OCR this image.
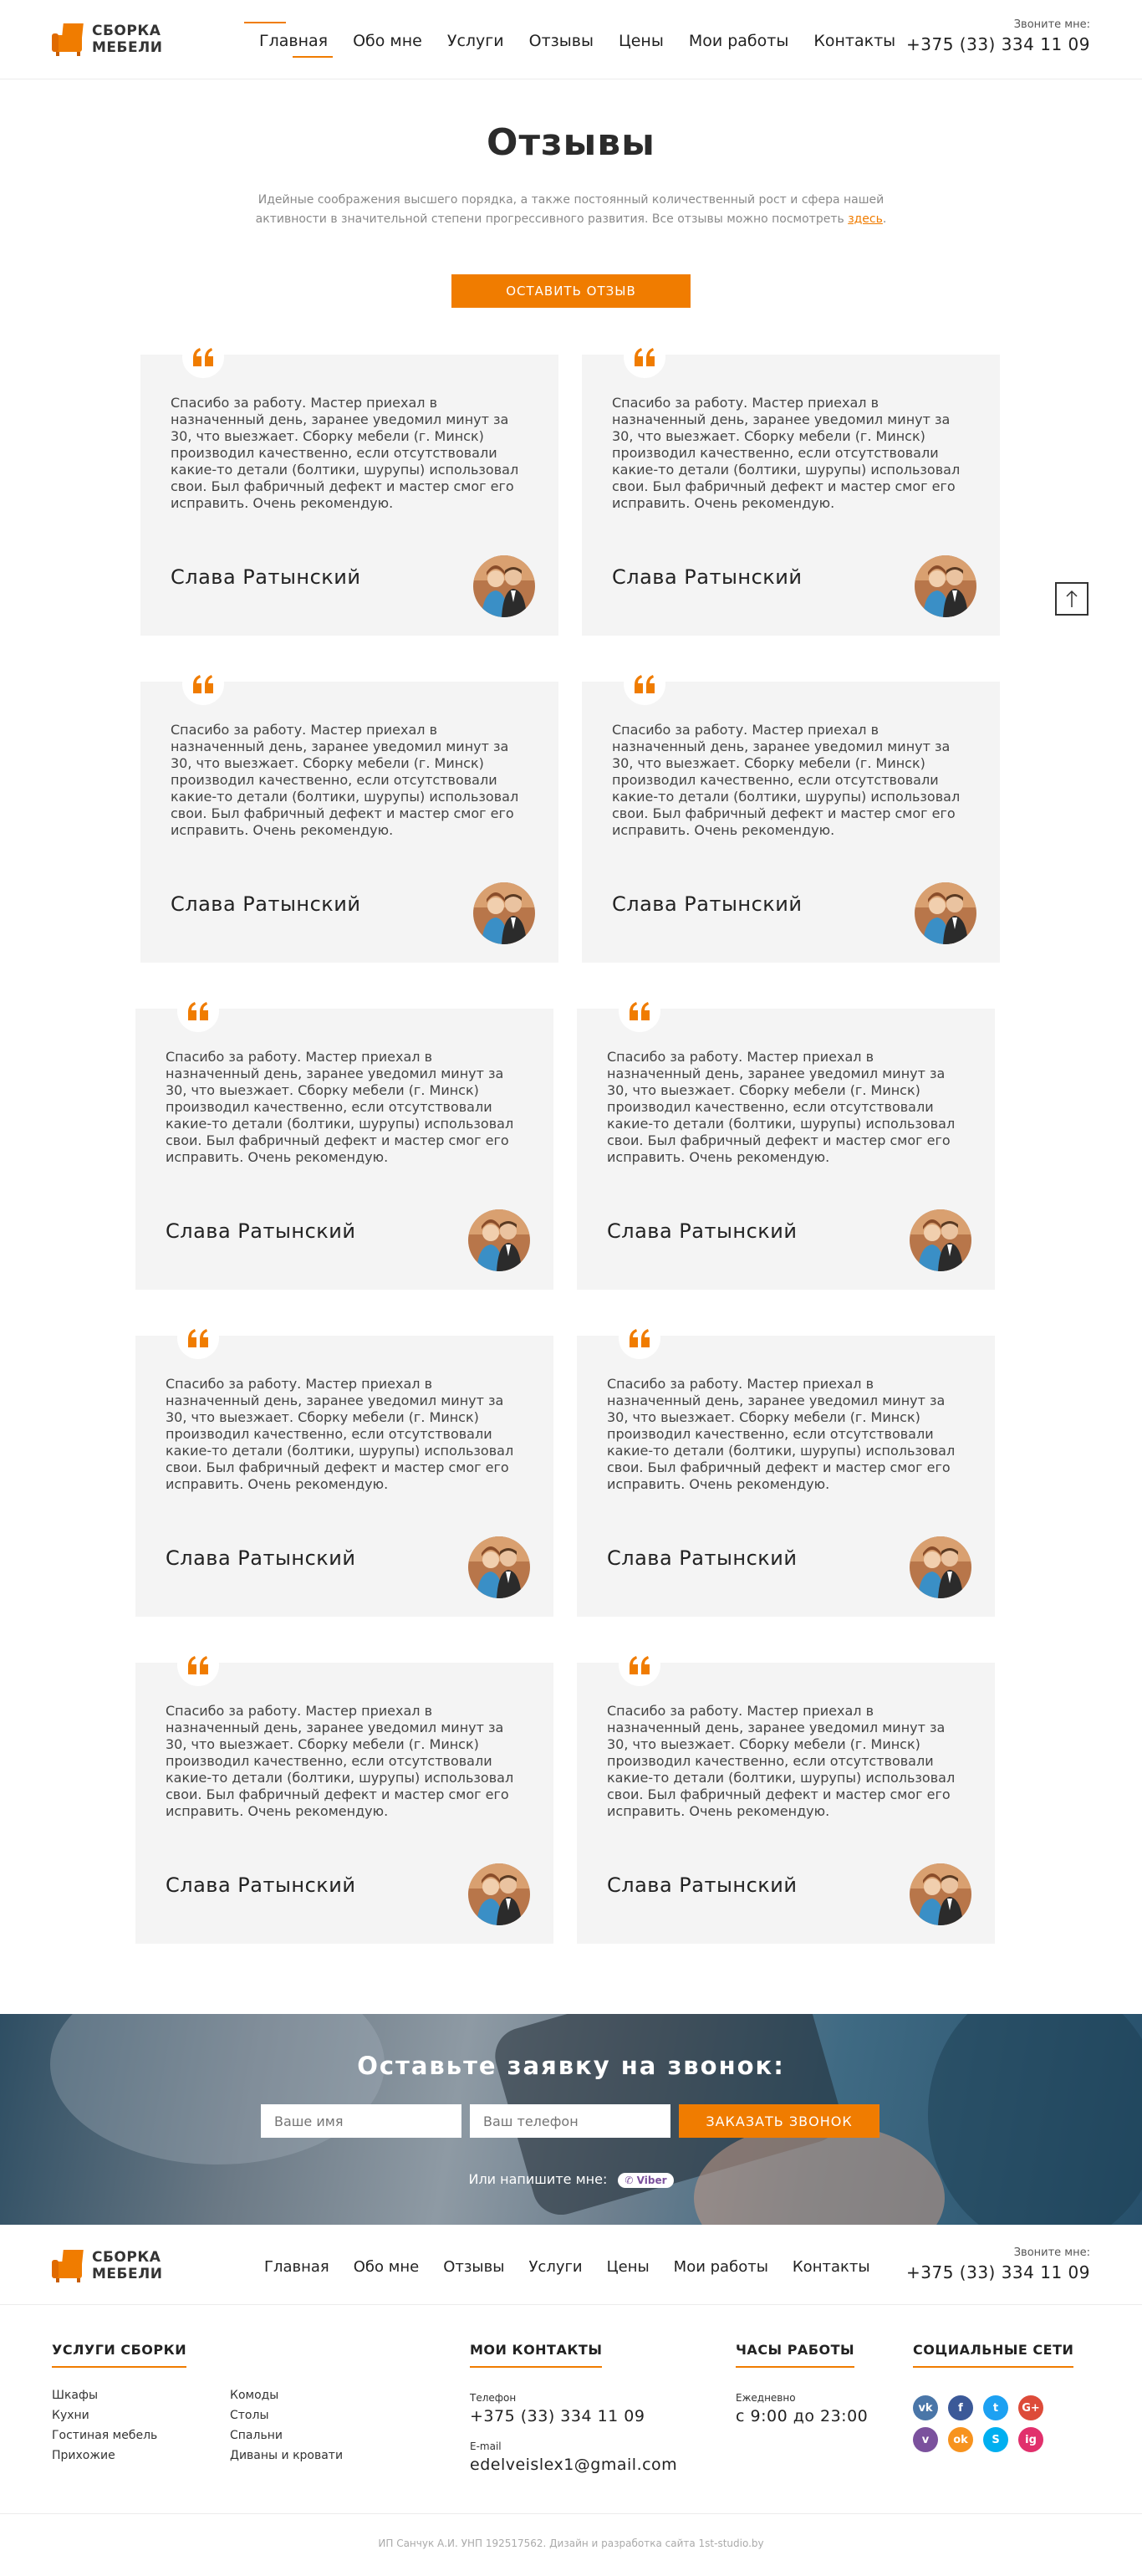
СБОРКА
МЕБЕЛИ	Главная Обо мне Услуги Отзывы Цены Мои работы Контакты
Звоните мне:
+375 (33) 334 11 09
Отзывы

Идейные соображения высшего порядка, а также постоянный количественный рост и сфера нашей активности в значительной степени прогрессивного развития. Все отзывы можно посмотреть здесь.

ОСТАВИТЬ ОТЗЫВ
Спасибо за работу. Мастер приехал в назначенный день, заранее уведомил минут за 30, что выезжает. Сборку мебели (г. Минск) производил качественно, если отсутствовали какие-то детали (болтики, шурупы) использовал свои. Был фабричный дефект и мастер смог его исправить. Очень рекомендую.
Слава Ратынский
Спасибо за работу. Мастер приехал в назначенный день, заранее уведомил минут за 30, что выезжает. Сборку мебели (г. Минск) производил качественно, если отсутствовали какие-то детали (болтики, шурупы) использовал свои. Был фабричный дефект и мастер смог его исправить. Очень рекомендую.
Слава Ратынский
Спасибо за работу. Мастер приехал в назначенный день, заранее уведомил минут за 30, что выезжает. Сборку мебели (г. Минск) производил качественно, если отсутствовали какие-то детали (болтики, шурупы) использовал свои. Был фабричный дефект и мастер смог его исправить. Очень рекомендую.
Слава Ратынский
Спасибо за работу. Мастер приехал в назначенный день, заранее уведомил минут за 30, что выезжает. Сборку мебели (г. Минск) производил качественно, если отсутствовали какие-то детали (болтики, шурупы) использовал свои. Был фабричный дефект и мастер смог его исправить. Очень рекомендую.
Слава Ратынский
Спасибо за работу. Мастер приехал в назначенный день, заранее уведомил минут за 30, что выезжает. Сборку мебели (г. Минск) производил качественно, если отсутствовали какие-то детали (болтики, шурупы) использовал свои. Был фабричный дефект и мастер смог его исправить. Очень рекомендую.
Слава Ратынский
Спасибо за работу. Мастер приехал в назначенный день, заранее уведомил минут за 30, что выезжает. Сборку мебели (г. Минск) производил качественно, если отсутствовали какие-то детали (болтики, шурупы) использовал свои. Был фабричный дефект и мастер смог его исправить. Очень рекомендую.
Слава Ратынский
Спасибо за работу. Мастер приехал в назначенный день, заранее уведомил минут за 30, что выезжает. Сборку мебели (г. Минск) производил качественно, если отсутствовали какие-то детали (болтики, шурупы) использовал свои. Был фабричный дефект и мастер смог его исправить. Очень рекомендую.
Слава Ратынский
Спасибо за работу. Мастер приехал в назначенный день, заранее уведомил минут за 30, что выезжает. Сборку мебели (г. Минск) производил качественно, если отсутствовали какие-то детали (болтики, шурупы) использовал свои. Был фабричный дефект и мастер смог его исправить. Очень рекомендую.
Слава Ратынский
Спасибо за работу. Мастер приехал в назначенный день, заранее уведомил минут за 30, что выезжает. Сборку мебели (г. Минск) производил качественно, если отсутствовали какие-то детали (болтики, шурупы) использовал свои. Был фабричный дефект и мастер смог его исправить. Очень рекомендую.
Слава Ратынский
Спасибо за работу. Мастер приехал в назначенный день, заранее уведомил минут за 30, что выезжает. Сборку мебели (г. Минск) производил качественно, если отсутствовали какие-то детали (болтики, шурупы) использовал свои. Был фабричный дефект и мастер смог его исправить. Очень рекомендую.
Слава Ратынский
Оставьте заявку на звонок:
Ваше имя
Ваш телефон
ЗАКАЗАТЬ ЗВОНОК
Или напишите мне: ✆ Viber
СБОРКА
МЕБЕЛИ	Главная Обо мне Отзывы Услуги Цены Мои работы Контакты
Звоните мне:
+375 (33) 334 11 09
УСЛУГИ СБОРКИ
Шкафы
Кухни
Гостиная мебель
Прихожие
Комоды
Столы
Спальни
Диваны и кровати
МОИ КОНТАКТЫ
Телефон
+375 (33) 334 11 09
E-mail
edelveislex1@gmail.com
ЧАСЫ РАБОТЫ
Ежедневно
с 9:00 до 23:00
СОЦИАЛЬНЫЕ СЕТИ
vk	f	t	G+
v	ok	S	ig
ИП Санчук А.И. УНП 192517562. Дизайн и разработка сайта 1st-studio.by
